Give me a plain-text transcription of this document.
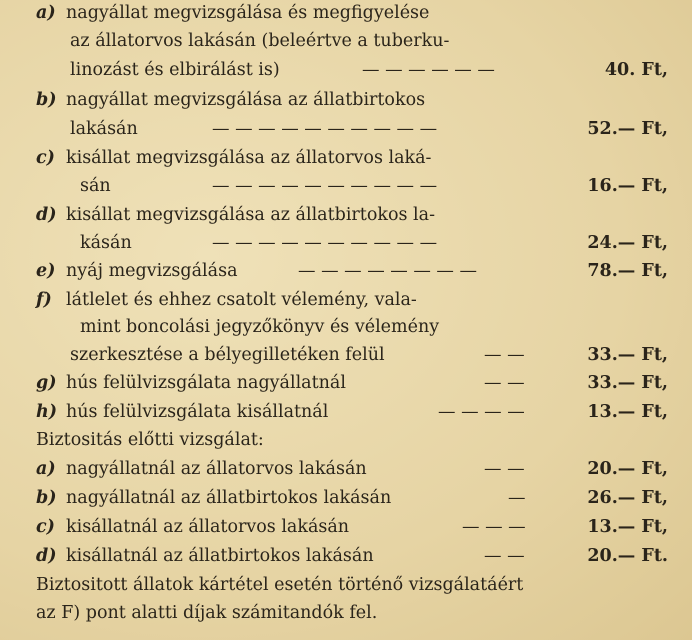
a) nagyállat megvizsgálása és megfigyelése
az állatorvos lakásán (beleértve a tuberku-
linozást és elbirálást is)	— — — — — —	40. Ft,
b) nagyállat megvizsgálása az állatbirtokos
lakásán	— — — — — — — — — —	52.— Ft,
c) kisállat megvizsgálása az állatorvos laká-
sán	— — — — — — — — — —	16.— Ft,
d) kisállat megvizsgálása az állatbirtokos la-
kásán	— — — — — — — — — —	24.— Ft,
e) nyáj megvizsgálása	— — — — — — — —	78.— Ft,
f) látlelet és ehhez csatolt vélemény, vala-
mint boncolási jegyzőkönyv és vélemény
szerkesztése a bélyegilletéken felül	— —	33.— Ft,
g) hús felülvizsgálata nagyállatnál	— —	33.— Ft,
h) hús felülvizsgálata kisállatnál	— — — —	13.— Ft,
Biztositás előtti vizsgálat:
a) nagyállatnál az állatorvos lakásán	— —	20.— Ft,
b) nagyállatnál az állatbirtokos lakásán	—	26.— Ft,
c) kisállatnál az állatorvos lakásán	— — —	13.— Ft,
d) kisállatnál az állatbirtokos lakásán	— —	20.— Ft.
Biztositott állatok kártétel esetén történő vizsgálatáért
az F) pont alatti díjak számitandók fel.
